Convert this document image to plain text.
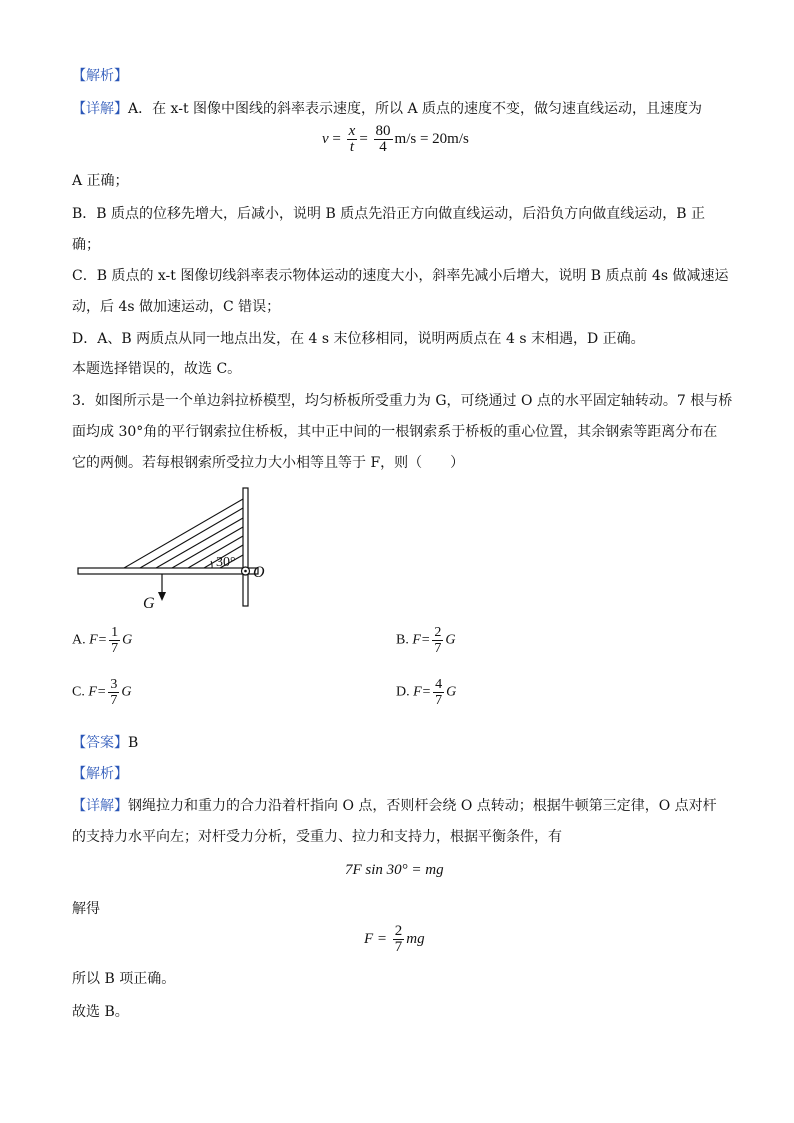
【解析】
【详解】A．在 x-t 图像中图线的斜率表示速度，所以 A 质点的速度不变，做匀速直线运动，且速度为
$v = \frac{x}{t} = \frac{80}{4} m/s = 20m/s$
A 正确；
B．B 质点的位移先增大，后减小，说明 B 质点先沿正方向做直线运动，后沿负方向做直线运动，B 正
确；
C．B 质点的 x-t 图像切线斜率表示物体运动的速度大小，斜率先减小后增大，说明 B 质点前 4s 做减速运
动，后 4s 做加速运动，C 错误；
D．A、B 两质点从同一地点出发，在 4 s 末位移相同，说明两质点在 4 s 末相遇，D 正确。
本题选择错误的，故选 C。
3．如图所示是一个单边斜拉桥模型，均匀桥板所受重力为 G，可绕通过 O 点的水平固定轴转动。7 根与桥
面均成 30°角的平行钢索拉住桥板，其中正中间的一根钢索系于桥板的重心位置，其余钢索等距离分布在
它的两侧。若每根钢索所受拉力大小相等且等于 F，则（　　）
30°
O
G
A. $F= \frac{1}{7}$ G	B. $F= \frac{2}{7}$ G
C. $F= \frac{3}{7}$ G	D. $F= \frac{4}{7}$ G
【答案】B
【解析】
【详解】钢绳拉力和重力的合力沿着杆指向 O 点，否则杆会绕 O 点转动；根据牛顿第三定律，O 点对杆
的支持力水平向左；对杆受力分析，受重力、拉力和支持力，根据平衡条件，有
7F sin 30° = mg
解得
$F = \frac{2}{7}$ mg
所以 B 项正确。
故选 B。
